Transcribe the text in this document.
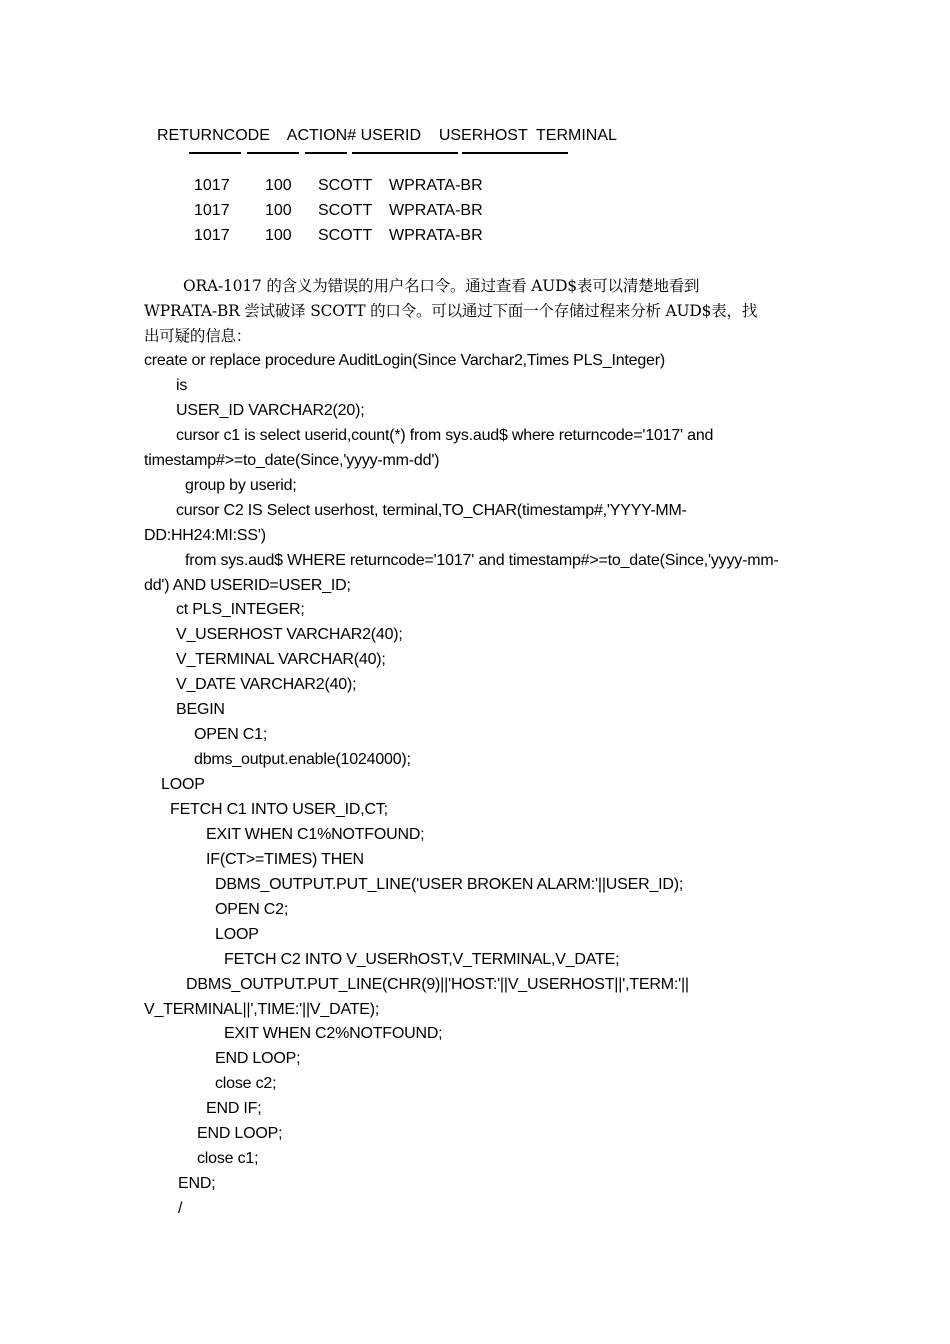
RETURNCODE    ACTION# USERID    USERHOST  TERMINAL
1017 100 SCOTT WPRATA-BR
1017 100 SCOTT WPRATA-BR
1017 100 SCOTT WPRATA-BR
ORA-1017 的含义为错误的用户名口令。通过查看 AUD$表可以清楚地看到
WPRATA-BR 尝试破译 SCOTT 的口令。可以通过下面一个存储过程来分析 AUD$表，找
出可疑的信息：
create or replace procedure AuditLogin(Since Varchar2,Times PLS_Integer)
is
USER_ID VARCHAR2(20);
cursor c1 is select userid,count(*) from sys.aud$ where returncode='1017' and
timestamp#>=to_date(Since,'yyyy-mm-dd')
group by userid;
cursor C2 IS Select userhost, terminal,TO_CHAR(timestamp#,'YYYY-MM-
DD:HH24:MI:SS')
from sys.aud$ WHERE returncode='1017' and timestamp#>=to_date(Since,'yyyy-mm-
dd') AND USERID=USER_ID;
ct PLS_INTEGER;
V_USERHOST VARCHAR2(40);
V_TERMINAL VARCHAR(40);
V_DATE VARCHAR2(40);
BEGIN
OPEN C1;
dbms_output.enable(1024000);
LOOP
FETCH C1 INTO USER_ID,CT;
EXIT WHEN C1%NOTFOUND;
IF(CT>=TIMES) THEN
DBMS_OUTPUT.PUT_LINE('USER BROKEN ALARM:'||USER_ID);
OPEN C2;
LOOP
FETCH C2 INTO V_USERhOST,V_TERMINAL,V_DATE;
DBMS_OUTPUT.PUT_LINE(CHR(9)||'HOST:'||V_USERHOST||',TERM:'||
V_TERMINAL||',TIME:'||V_DATE);
EXIT WHEN C2%NOTFOUND;
END LOOP;
close c2;
END IF;
END LOOP;
close c1;
END;
/
